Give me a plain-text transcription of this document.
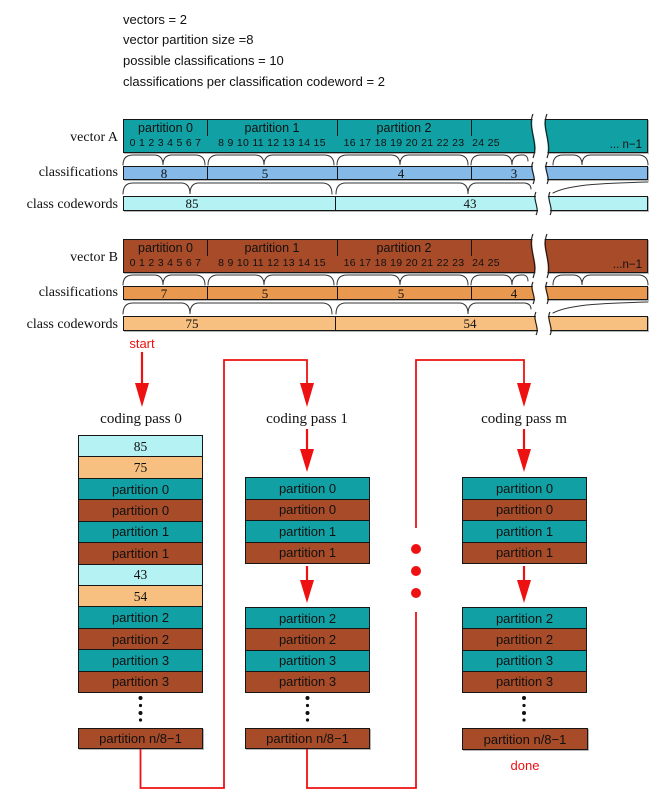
vectors = 2
vector partition size =8
possible classifications = 10
classifications per classification codeword = 2
vector A
classifications
class codewords
vector B
classifications
class codewords
partition 0	partition 1	partition 2
0 1 2 3 4 5 6 7	8 9 10 11 12 13 14 15	16 17 18 19 20 21 22 23 24 25	... n−1
8	5	4	3
85	43
partition 0	partition 1	partition 2
0 1 2 3 4 5 6 7	8 9 10 11 12 13 14 15	16 17 18 19 20 21 22 23 24 25	...n−1
7	5	5	4
75	54
start
done
coding pass 0	coding pass 1	coding pass m
85
75
partition 0
partition 0
partition 1
partition 1
43
54
partition 2
partition 2
partition 3
partition 3
partition n/8−1
partition 0
partition 0
partition 1
partition 1
partition 2
partition 2
partition 3
partition 3
partition n/8−1
partition 0
partition 0
partition 1
partition 1
partition 2
partition 2
partition 3
partition 3
partition n/8−1
